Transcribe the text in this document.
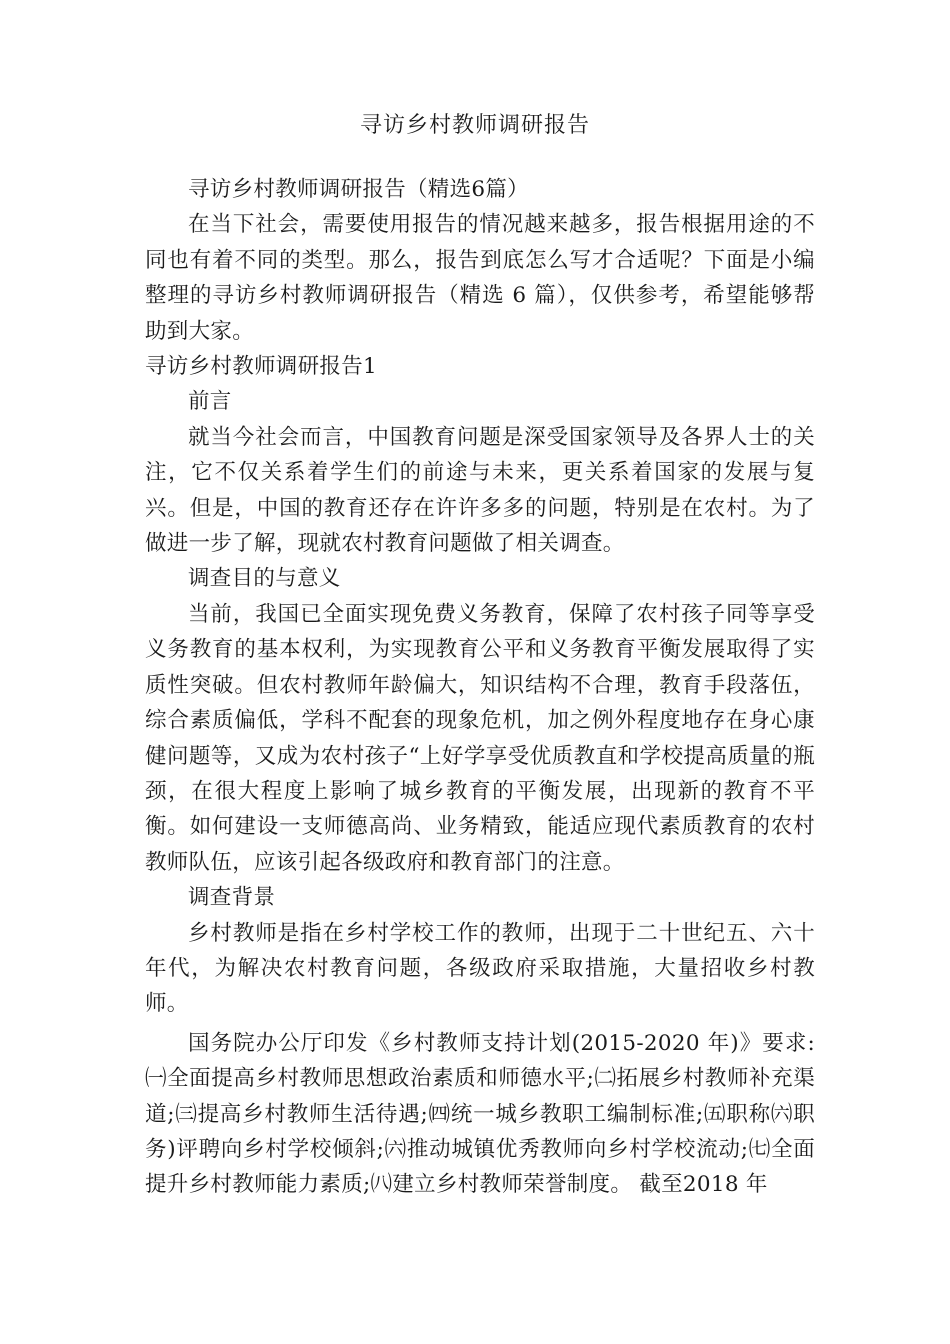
寻访乡村教师调研报告

寻访乡村教师调研报告（精选6篇）

在当下社会，需要使用报告的情况越来越多，报告根据用途的不同也有着不同的类型。那么，报告到底怎么写才合适呢？下面是小编整理的寻访乡村教师调研报告（精选 6 篇），仅供参考，希望能够帮助到大家。

寻访乡村教师调研报告1

前言

就当今社会而言，中国教育问题是深受国家领导及各界人士的关注，它不仅关系着学生们的前途与未来，更关系着国家的发展与复兴。但是，中国的教育还存在许许多多的问题，特别是在农村。为了做进一步了解，现就农村教育问题做了相关调查。

调查目的与意义

当前，我国已全面实现免费义务教育，保障了农村孩子同等享受义务教育的基本权利，为实现教育公平和义务教育平衡发展取得了实质性突破。但农村教师年龄偏大，知识结构不合理，教育手段落伍，综合素质偏低，学科不配套的现象危机，加之例外程度地存在身心康健问题等，又成为农村孩子“上好学享受优质教直和学校提高质量的瓶颈，在很大程度上影响了城乡教育的平衡发展，出现新的教育不平衡。如何建设一支师德高尚、业务精致，能适应现代素质教育的农村教师队伍，应该引起各级政府和教育部门的注意。

调查背景

乡村教师是指在乡村学校工作的教师，出现于二十世纪五、六十年代，为解决农村教育问题，各级政府采取措施，大量招收乡村教师。

国务院办公厅印发《乡村教师支持计划(2015-2020 年)》要求:㈠全面提高乡村教师思想政治素质和师德水平;㈡拓展乡村教师补充渠道;㈢提高乡村教师生活待遇;㈣统一城乡教职工编制标准;㈤职称㈥职务)评聘向乡村学校倾斜;㈥推动城镇优秀教师向乡村学校流动;㈦全面提升乡村教师能力素质;㈧建立乡村教师荣誉制度。 截至2018 年
